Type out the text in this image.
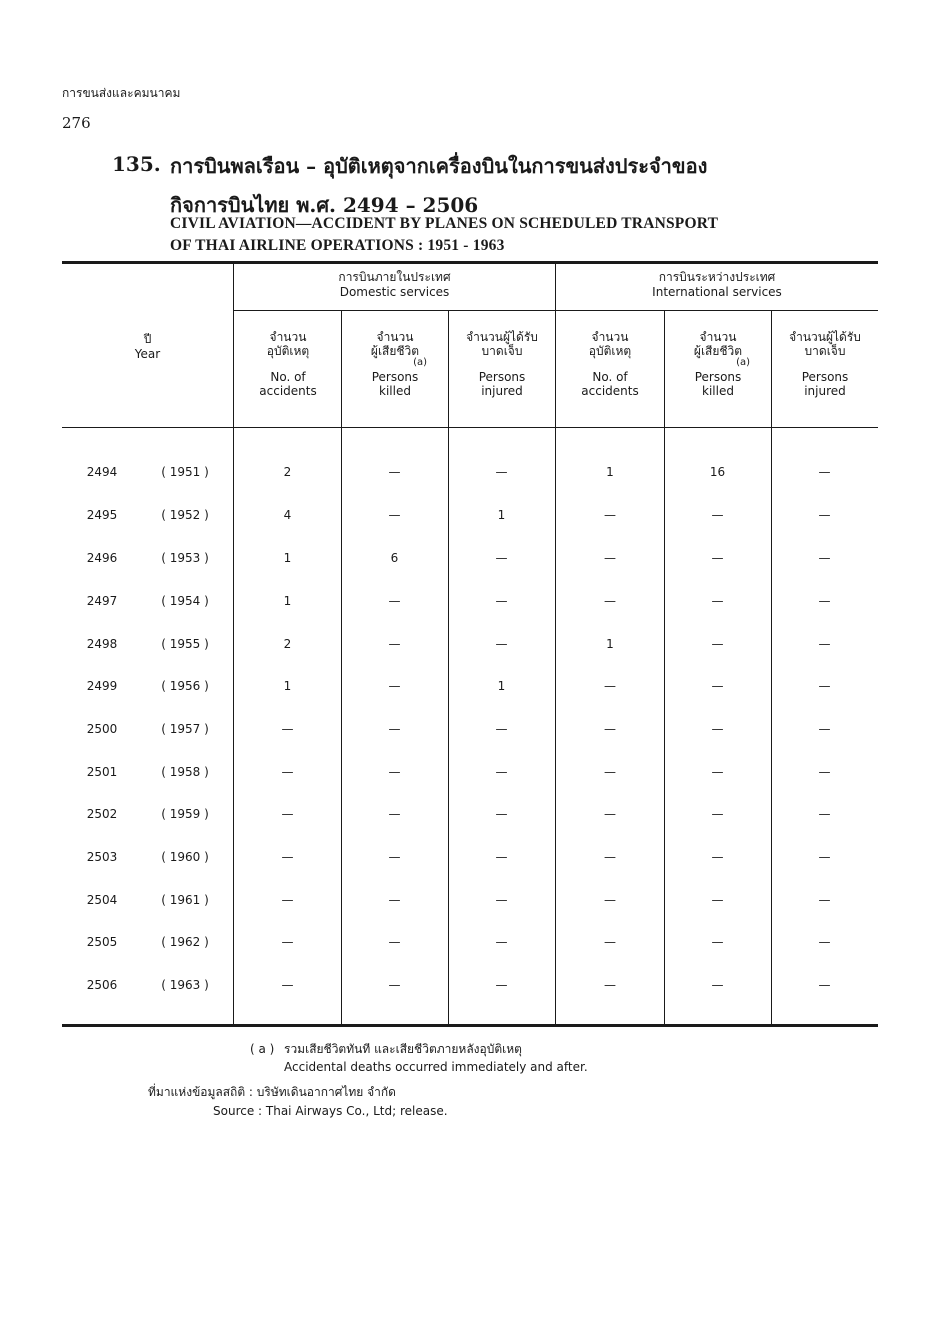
การขนส่งและคมนาคม
276
135. การบินพลเรือน – อุบัติเหตุจากเครื่องบินในการขนส่งประจำของ
กิจการบินไทย พ.ศ. 2494 – 2506
CIVIL AVIATION—ACCIDENT BY PLANES ON SCHEDULED TRANSPORT
OF THAI AIRLINE OPERATIONS : 1951 - 1963
การบินภายในประเทศ
Domestic services
การบินระหว่างประเทศ
International services
ปี
Year
จำนวน
อุบัติเหตุ

No. of
accidents
จำนวน
ผู้เสียชีวิต
(a)
Persons
killed
จำนวนผู้ได้รับ
บาดเจ็บ

Persons
injured
จำนวน
อุบัติเหตุ

No. of
accidents
จำนวน
ผู้เสียชีวิต
(a)
Persons
killed
จำนวนผู้ได้รับ
บาดเจ็บ

Persons
injured
2494	( 1951 )	2	—	—	1	16	—
2495	( 1952 )	4	—	1	—	—	—
2496	( 1953 )	1	6	—	—	—	—
2497	( 1954 )	1	—	—	—	—	—
2498	( 1955 )	2	—	—	1	—	—
2499	( 1956 )	1	—	1	—	—	—
2500	( 1957 )	—	—	—	—	—	—
2501	( 1958 )	—	—	—	—	—	—
2502	( 1959 )	—	—	—	—	—	—
2503	( 1960 )	—	—	—	—	—	—
2504	( 1961 )	—	—	—	—	—	—
2505	( 1962 )	—	—	—	—	—	—
2506	( 1963 )	—	—	—	—	—	—
( a ) รวมเสียชีวิตทันที และเสียชีวิตภายหลังอุบัติเหตุ
Accidental deaths occurred immediately and after.
ที่มาแห่งข้อมูลสถิติ : บริษัทเดินอากาศไทย จำกัด
Source : Thai Airways Co., Ltd; release.
